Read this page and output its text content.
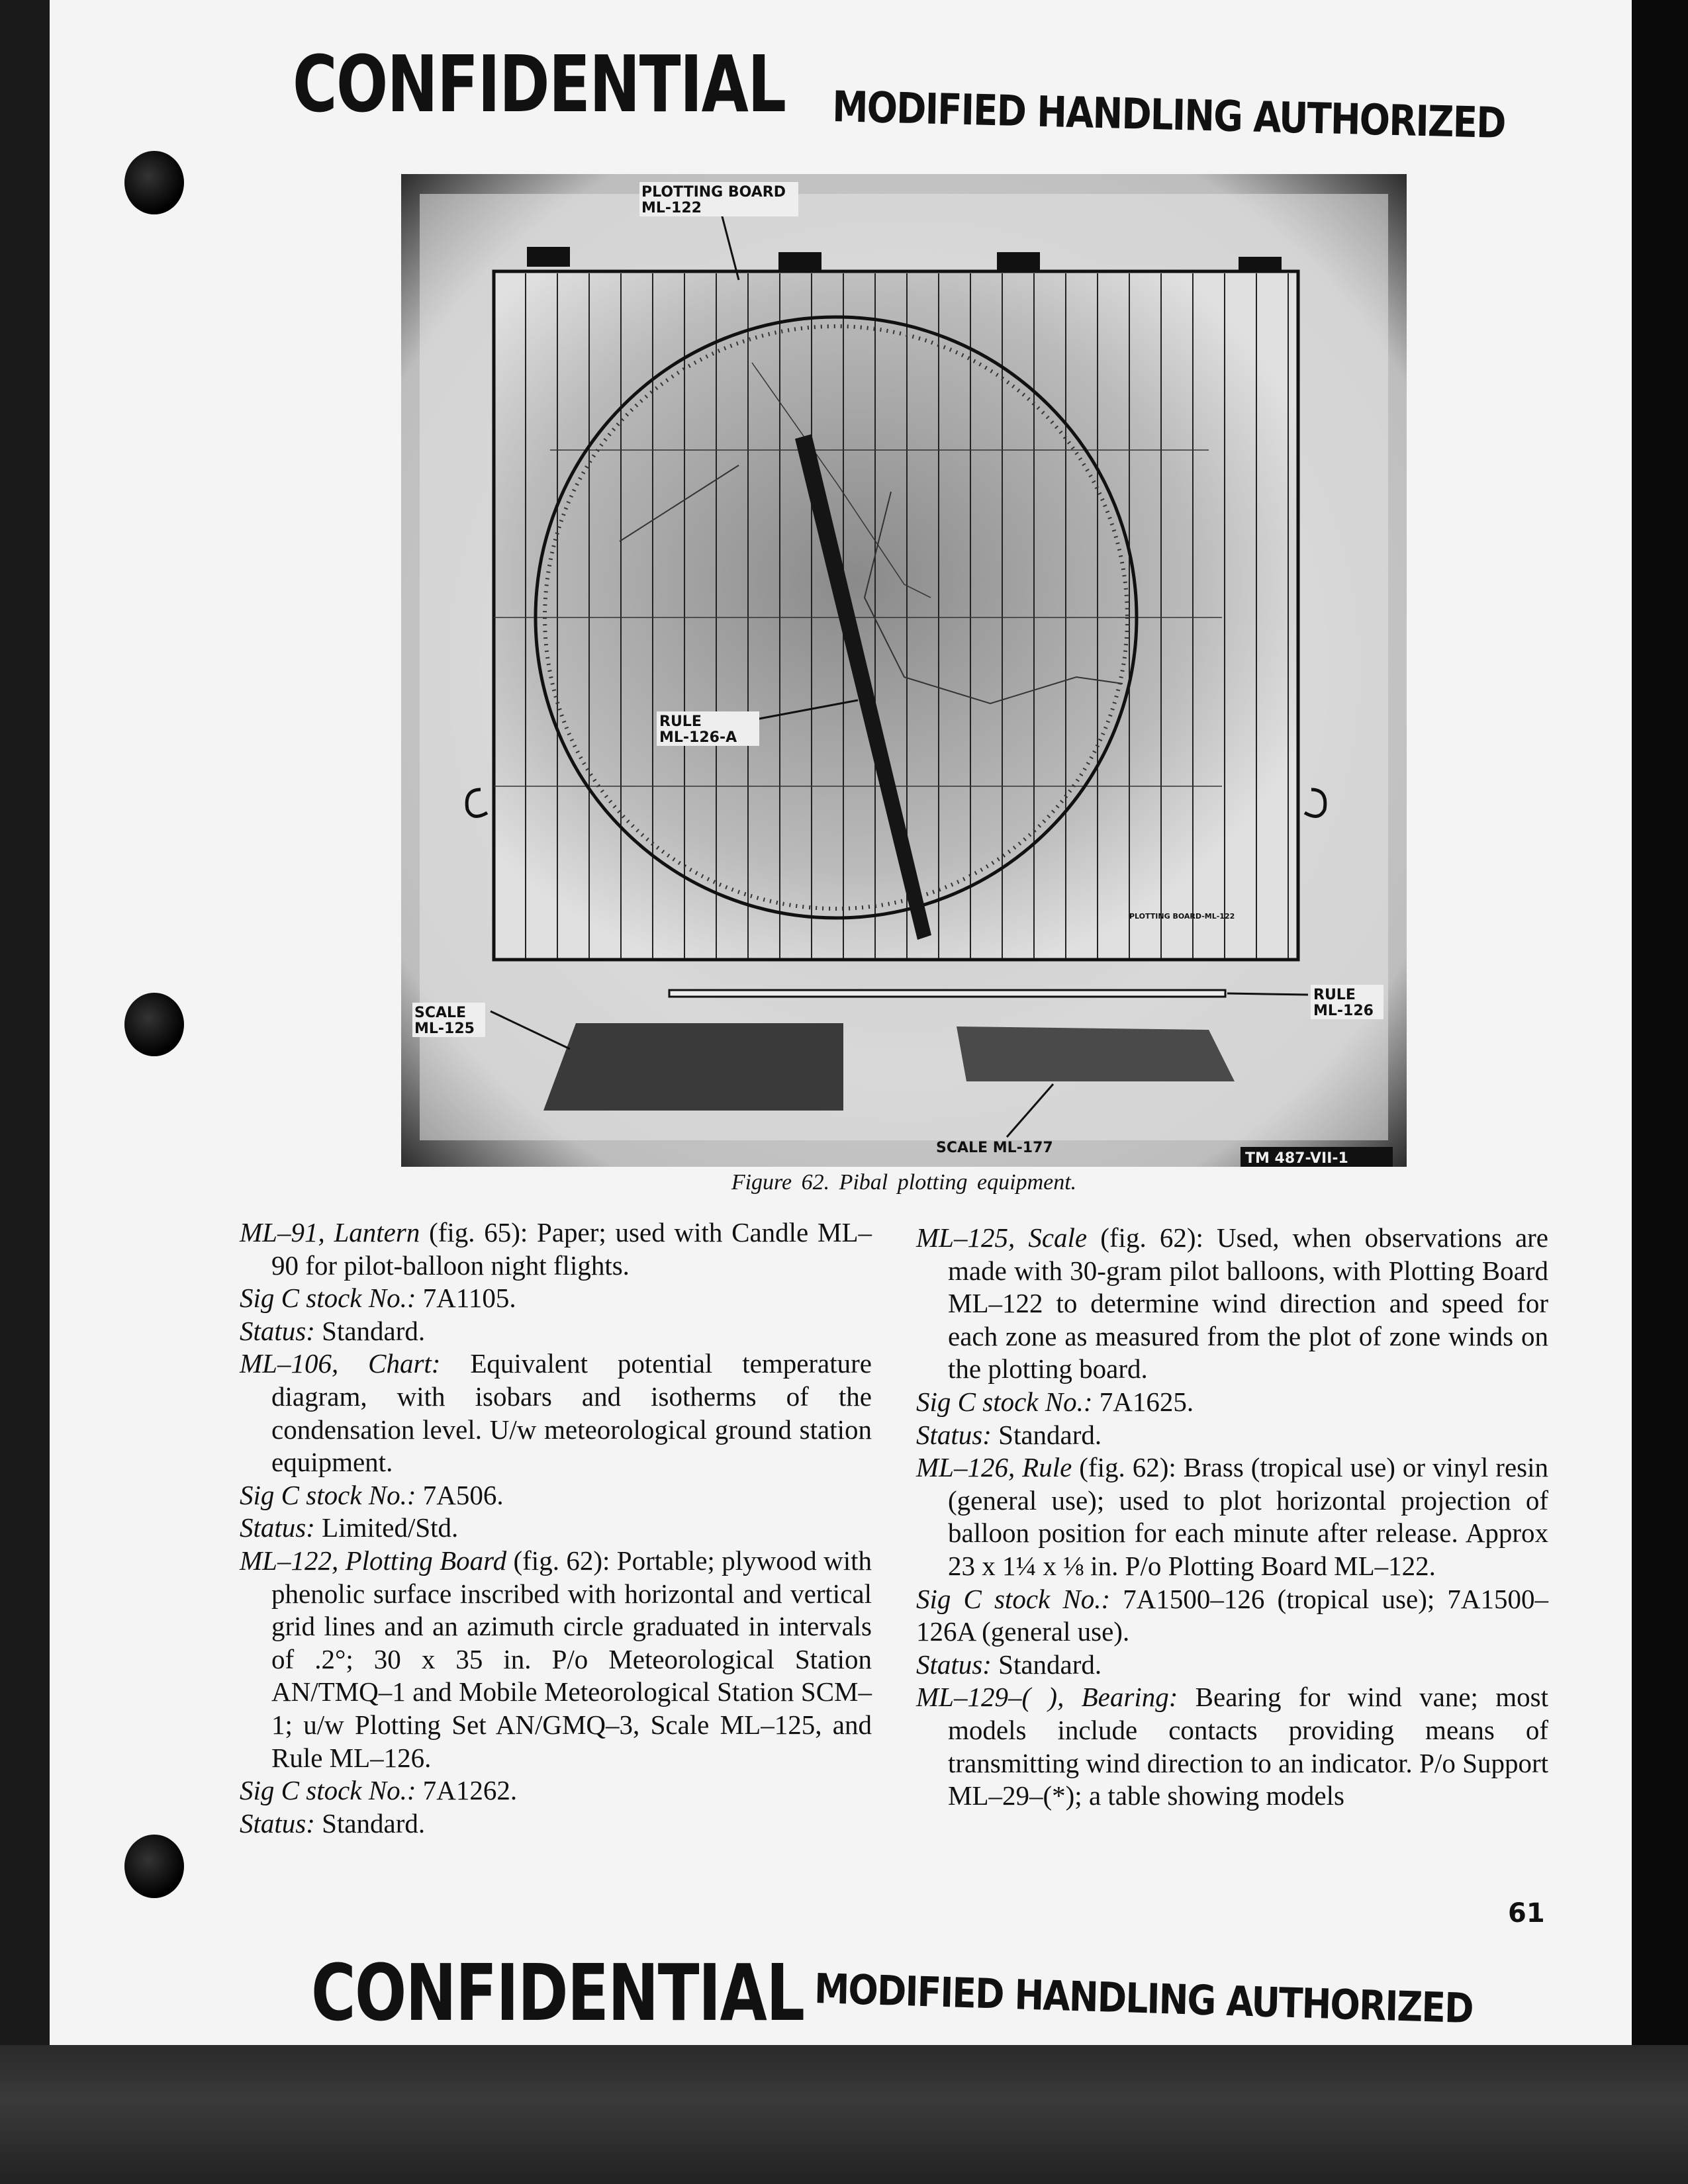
CONFIDENTIAL MODIFIED HANDLING AUTHORIZED
PLOTTING BOARD-ML-122
PLOTTING BOARD
ML-122
RULE
ML-126-A
SCALE
ML-125
RULE
ML-126
SCALE ML-177
TM 487-VII-1
Figure 62. Pibal plotting equipment.

ML–91, Lantern (fig. 65): Paper; used with Candle ML–90 for pilot-balloon night flights.

Sig C stock No.: 7A1105.

Status: Standard.

ML–106, Chart: Equivalent potential temperature diagram, with isobars and isotherms of the condensation level. U/w meteorological ground station equipment.

Sig C stock No.: 7A506.

Status: Limited/Std.

ML–122, Plotting Board (fig. 62): Portable; plywood with phenolic surface inscribed with horizontal and vertical grid lines and an azimuth circle graduated in intervals of .2°; 30 x 35 in. P/o Meteorological Station AN/TMQ–1 and Mobile Meteorological Station SCM–1; u/w Plotting Set AN/GMQ–3, Scale ML–125, and Rule ML–126.

Sig C stock No.: 7A1262.

Status: Standard.

ML–125, Scale (fig. 62): Used, when observations are made with 30-gram pilot balloons, with Plotting Board ML–122 to determine wind direction and speed for each zone as measured from the plot of zone winds on the plotting board.

Sig C stock No.: 7A1625.

Status: Standard.

ML–126, Rule (fig. 62): Brass (tropical use) or vinyl resin (general use); used to plot horizontal projection of balloon position for each minute after release. Approx 23 x 1¼ x ⅛ in. P/o Plotting Board ML–122.

Sig C stock No.: 7A1500–126 (tropical use); 7A1500–126A (general use).

Status: Standard.

ML–129–( ), Bearing: Bearing for wind vane; most models include contacts providing means of transmitting wind direction to an indicator. P/o Support ML–29–(*); a table showing models

61
CONFIDENTIAL MODIFIED HANDLING AUTHORIZED
